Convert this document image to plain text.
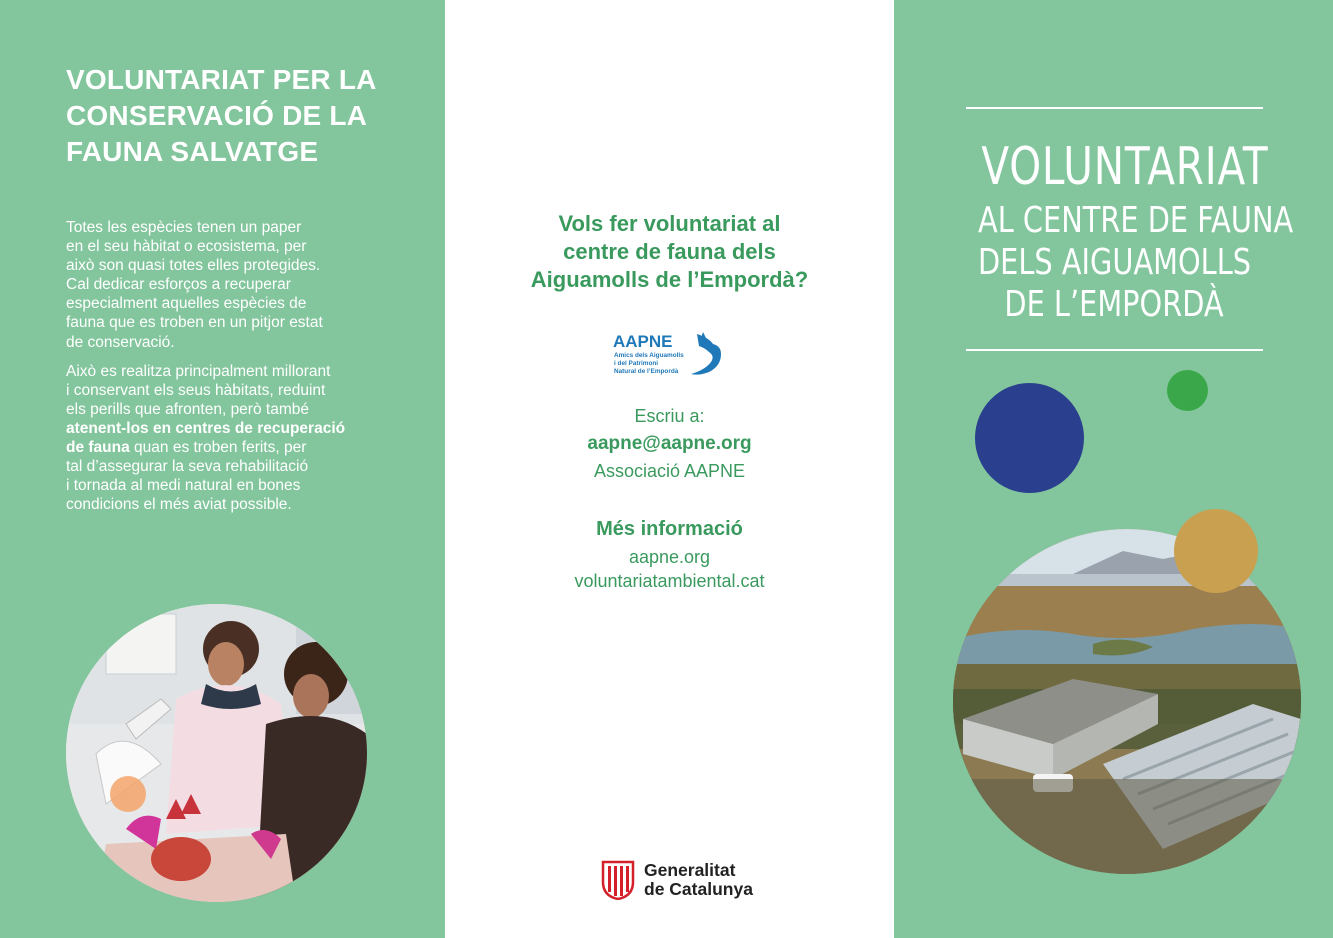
VOLUNTARIAT PER LA
CONSERVACIÓ DE LA
FAUNA SALVATGE

Totes les espècies tenen un paper
en el seu hàbitat o ecosistema, per
això son quasi totes elles protegides.
Cal dedicar esforços a recuperar
especialment aquelles espècies de
fauna que es troben en un pitjor estat
de conservació.

Això es realitza principalment millorant
i conservant els seus hàbitats, reduint
els perills que afronten, però també
atenent-los en centres de recuperació
de fauna quan es troben ferits, per
tal d’assegurar la seva rehabilitació
i tornada al medi natural en bones
condicions el més aviat possible.

Vols fer voluntariat al
centre de fauna dels
Aiguamolls de l’Empordà?
AAPNE
Amics dels Aiguamolls
i del Patrimoni
Natural de l’Empordà
Escriu a:
aapne@aapne.org
Associació AAPNE
Més informació
aapne.org
voluntariatambiental.cat
Generalitat
de Catalunya
VOLUNTARIAT
AL CENTRE DE FAUNA
DELS AIGUAMOLLS
DE L’EMPORDÀ
